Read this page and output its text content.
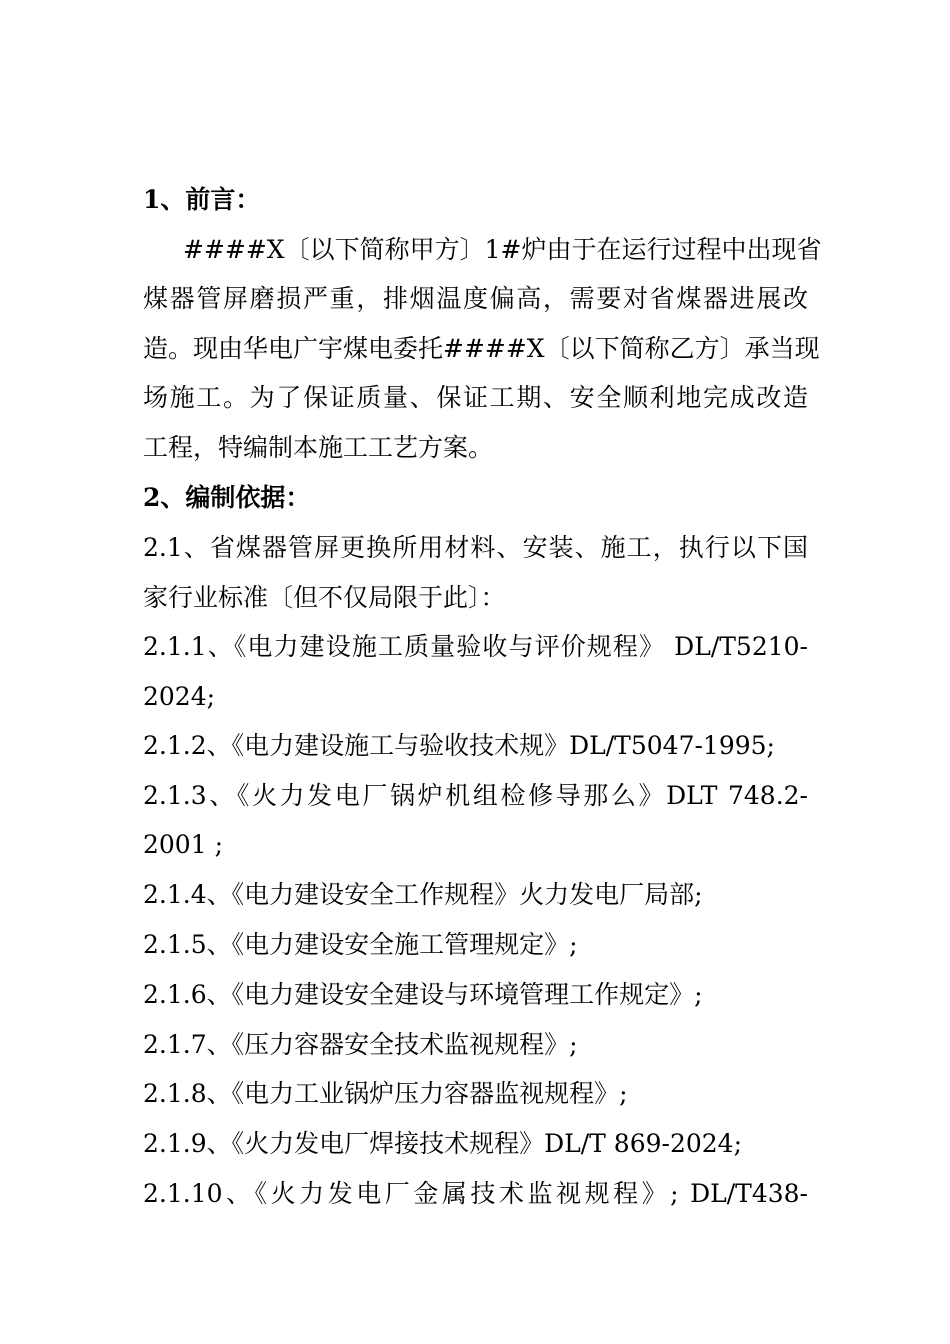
1、前言：
####X〔以下简称甲方〕1#炉由于在运行过程中出现省
煤器管屏磨损严重，排烟温度偏高，需要对省煤器进展改
造。现由华电广宇煤电委托####X〔以下简称乙方〕承当现
场施工。为了保证质量、保证工期、安全顺利地完成改造
工程，特编制本施工工艺方案。
2、编制依据：
2.1、省煤器管屏更换所用材料、安装、施工，执行以下国
家行业标准〔但不仅局限于此〕：
2.1.1、《电力建设施工质量验收与评价规程》 DL/T5210-
2024;
2.1.2、《电力建设施工与验收技术规》DL/T5047-1995;
2.1.3、《火力发电厂锅炉机组检修导那么》DLT 748.2-
2001 ;
2.1.4、《电力建设安全工作规程》火力发电厂局部;
2.1.5、《电力建设安全施工管理规定》;
2.1.6、《电力建设安全建设与环境管理工作规定》;
2.1.7、《压力容器安全技术监视规程》;
2.1.8、《电力工业锅炉压力容器监视规程》;
2.1.9、《火力发电厂焊接技术规程》DL/T 869-2024;
2.1.10、《火力发电厂金属技术监视规程》; DL/T438-
